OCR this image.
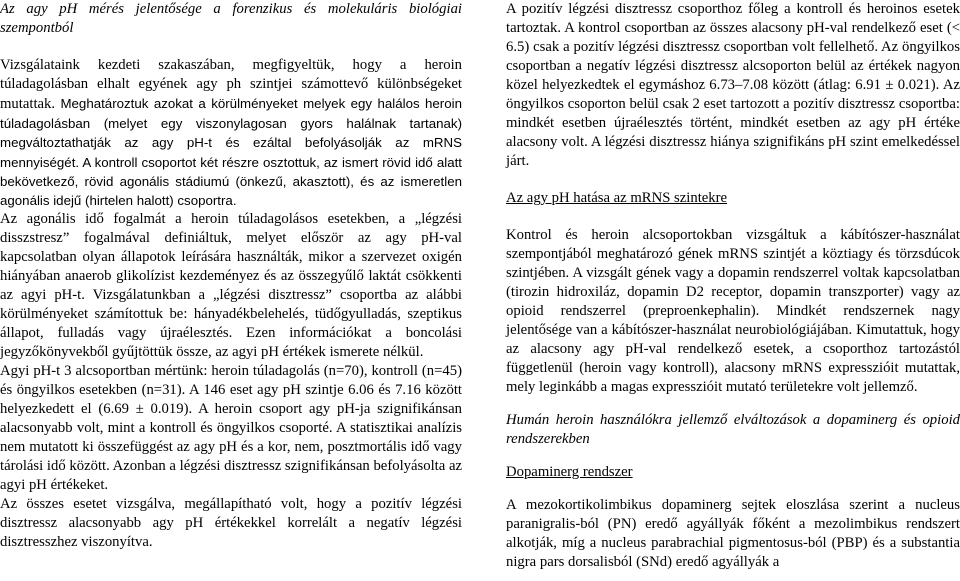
Az agy pH mérés jelentősége a forenzikus és molekuláris biológiai szempontból

Vizsgálataink kezdeti szakaszában, megfigyeltük, hogy a heroin túladagolásban elhalt egyének agy ph szintjei számottevő különbségeket mutattak. Meghatároztuk azokat a körülményeket melyek egy halálos heroin túladagolásban (melyet egy viszonylagosan gyors halálnak tartanak) megváltoztathatják az agy pH-t és ezáltal befolyásolják az mRNS mennyiségét. A kontroll csoportot két részre osztottuk, az ismert rövid idő alatt bekövetkező, rövid agonális stádiumú (önkezű, akasztott), és az ismeretlen agonális idejű (hirtelen halott) csoportra.

Az agonális idő fogalmát a heroin túladagolásos esetekben, a „légzési disszstresz” fogalmával definiáltuk, melyet először az agy pH-val kapcsolatban olyan állapotok leírására használták, mikor a szervezet oxigén hiányában anaerob glikolízist kezdeményez és az összegyűlő laktát csökkenti az agyi pH-t. Vizsgálatunkban a „légzési disztressz” csoportba az alábbi körülményeket számítottuk be: hányadékbelehelés, tüdőgyulladás, szeptikus állapot, fulladás vagy újraélesztés. Ezen információkat a boncolási jegyzőkönyvekből gyűjtöttük össze, az agyi pH értékek ismerete nélkül.

Agyi pH-t 3 alcsoportban mértünk: heroin túladagolás (n=70), kontroll (n=45) és öngyilkos esetekben (n=31). A 146 eset agy pH szintje 6.06 és 7.16 között helyezkedett el (6.69 ± 0.019). A heroin csoport agy pH-ja szignifikánsan alacsonyabb volt, mint a kontroll és öngyilkos csoporté. A statisztikai analízis nem mutatott ki összefüggést az agy pH és a kor, nem, posztmortális idő vagy tárolási idő között. Azonban a légzési disztressz szignifikánsan befolyásolta az agyi pH értékeket.

Az összes esetet vizsgálva, megállapítható volt, hogy a pozitív légzési disztressz alacsonyabb agy pH értékekkel korrelált a negatív légzési disztresszhez viszonyítva.

A pozitív légzési disztressz csoporthoz főleg a kontroll és heroinos esetek tartoztak. A kontrol csoportban az összes alacsony pH-val rendelkező eset (< 6.5) csak a pozitív légzési disztressz csoportban volt fellelhető. Az öngyilkos csoportban a negatív légzési disztressz alcsoporton belül az értékek nagyon közel helyezkedtek el egymáshoz 6.73–7.08 között (átlag: 6.91 ± 0.021). Az öngyilkos csoporton belül csak 2 eset tartozott a pozitív disztressz csoportba: mindkét esetben újraélesztés történt, mindkét esetben az agy pH értéke alacsony volt. A légzési disztressz hiánya szignifikáns pH szint emelkedéssel járt.

Az agy pH hatása az mRNS szintekre

Kontrol és heroin alcsoportokban vizsgáltuk a kábítószer-használat szempontjából meghatározó gének mRNS szintjét a köztiagy és törzsdúcok szintjében. A vizsgált gének vagy a dopamin rendszerrel voltak kapcsolatban (tirozin hidroxiláz, dopamin D2 receptor, dopamin transzporter) vagy az opioid rendszerrel (preproenkephalin). Mindkét rendszernek nagy jelentősége van a kábítószer-használat neurobiológiájában. Kimutattuk, hogy az alacsony agy pH-val rendelkező esetek, a csoporthoz tartozástól függetlenül (heroin vagy kontroll), alacsony mRNS expresszióit mutattak, mely leginkább a magas expresszióit mutató területekre volt jellemző.

Humán heroin használókra jellemző elváltozások a dopaminerg és opioid rendszerekben

Dopaminerg rendszer

A mezokortikolimbikus dopaminerg sejtek eloszlása szerint a nucleus paranigralis-ból (PN) eredő agyállyák főként a mezolimbikus rendszert alkotják, míg a nucleus parabrachial pigmentosus-ból (PBP) és a substantia nigra pars dorsalisból (SNd) eredő agyállyák a
